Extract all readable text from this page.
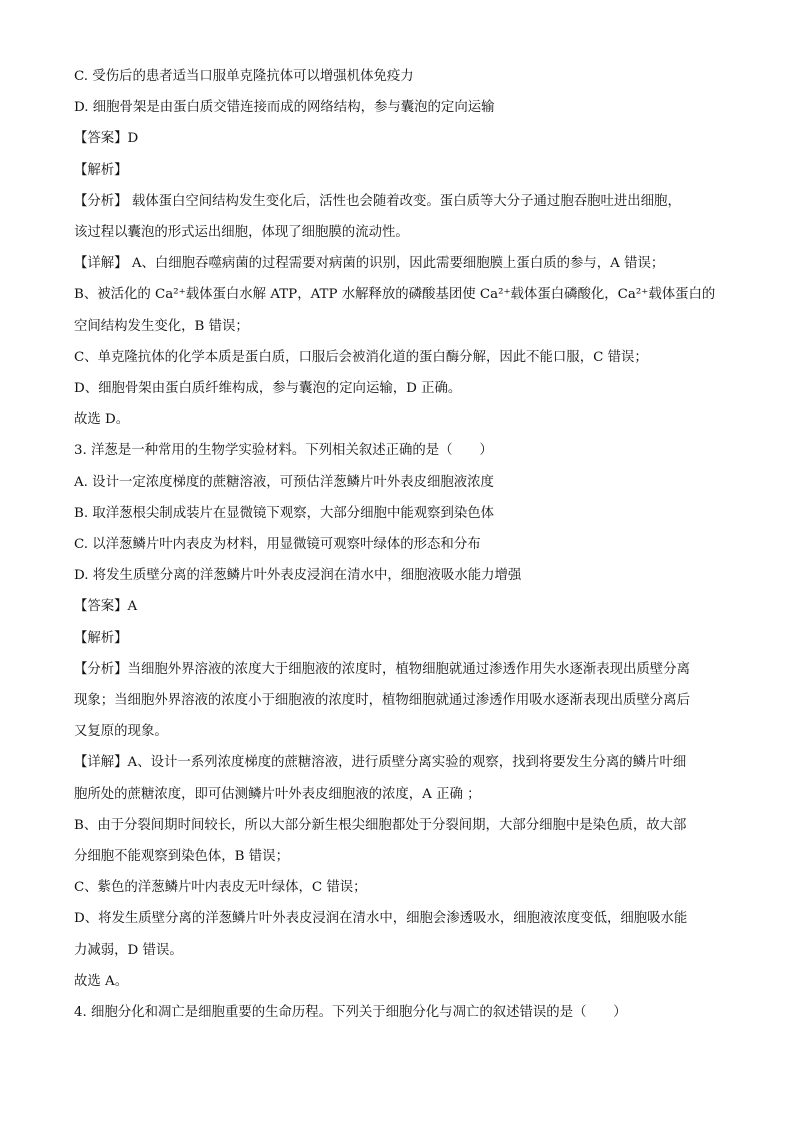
C. 受伤后的患者适当口服单克隆抗体可以增强机体免疫力
D. 细胞骨架是由蛋白质交错连接而成的网络结构，参与囊泡的定向运输
【答案】D
【解析】
【分析】 载体蛋白空间结构发生变化后，活性也会随着改变。蛋白质等大分子通过胞吞胞吐进出细胞，
该过程以囊泡的形式运出细胞，体现了细胞膜的流动性。
【详解】 A、白细胞吞噬病菌的过程需要对病菌的识别，因此需要细胞膜上蛋白质的参与，A 错误；
B、被活化的 Ca²⁺载体蛋白水解 ATP，ATP 水解释放的磷酸基团使 Ca²⁺载体蛋白磷酸化，Ca²⁺载体蛋白的
空间结构发生变化，B 错误；
C、单克隆抗体的化学本质是蛋白质，口服后会被消化道的蛋白酶分解，因此不能口服，C 错误；
D、细胞骨架由蛋白质纤维构成，参与囊泡的定向运输，D 正确。
故选 D。
3. 洋葱是一种常用的生物学实验材料。下列相关叙述正确的是（　　）
A. 设计一定浓度梯度的蔗糖溶液，可预估洋葱鳞片叶外表皮细胞液浓度
B. 取洋葱根尖制成装片在显微镜下观察，大部分细胞中能观察到染色体
C. 以洋葱鳞片叶内表皮为材料，用显微镜可观察叶绿体的形态和分布
D. 将发生质壁分离的洋葱鳞片叶外表皮浸润在清水中，细胞液吸水能力增强
【答案】A
【解析】
【分析】当细胞外界溶液的浓度大于细胞液的浓度时，植物细胞就通过渗透作用失水逐渐表现出质壁分离
现象；当细胞外界溶液的浓度小于细胞液的浓度时，植物细胞就通过渗透作用吸水逐渐表现出质壁分离后
又复原的现象。
【详解】A、设计一系列浓度梯度的蔗糖溶液，进行质壁分离实验的观察，找到将要发生分离的鳞片叶细
胞所处的蔗糖浓度，即可估测鳞片叶外表皮细胞液的浓度，A 正确 ；
B、由于分裂间期时间较长，所以大部分新生根尖细胞都处于分裂间期，大部分细胞中是染色质，故大部
分细胞不能观察到染色体，B 错误；
C、紫色的洋葱鳞片叶内表皮无叶绿体，C 错误；
D、将发生质壁分离的洋葱鳞片叶外表皮浸润在清水中，细胞会渗透吸水，细胞液浓度变低，细胞吸水能
力减弱，D 错误。
故选 A。
4. 细胞分化和凋亡是细胞重要的生命历程。下列关于细胞分化与凋亡的叙述错误的是（　　）
